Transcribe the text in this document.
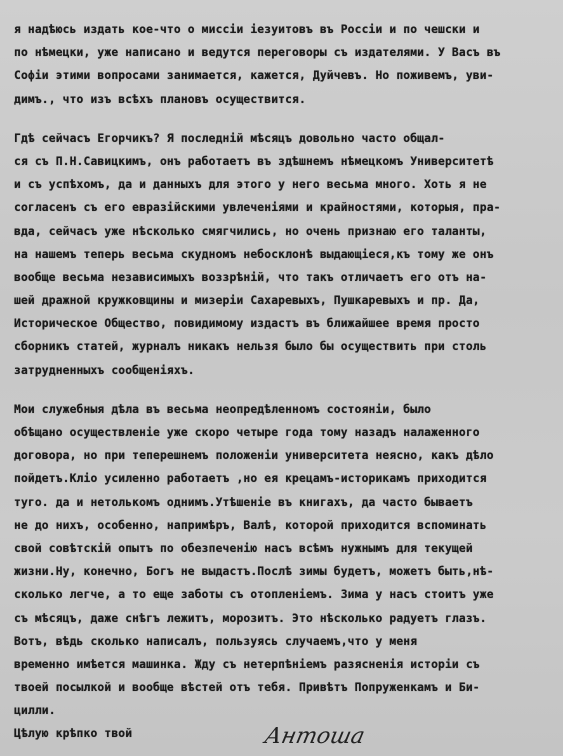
я надѣюсь издать кое-что о миссiи iезуитовъ въ Россiи и по чешски и
по нѣмецки, уже написано и ведутся переговоры съ издателями. У Васъ въ
Софiи этими вопросами занимается, кажется, Дуйчевъ. Но поживемъ, уви-
димъ., что изъ всѣхъ плановъ осуществится.
Гдѣ сейчасъ Егорчикъ? Я последнiй мѣсяцъ довольно часто общал-
ся съ П.Н.Савицкимъ, онъ работаетъ въ здѣшнемъ нѣмецкомъ Университетѣ
и съ успѣхомъ, да и данныхъ для этого у него весьма много. Хоть я не
согласенъ съ его евразiйскими увлеченiями и крайностями, которыя, пра-
вда, сейчасъ уже нѣсколько смягчились, но очень признаю его таланты,
на нашемъ теперь весьма скудномъ небосклонѣ выдающiеся,къ тому же онъ
вообще весьма независимыхъ воззрѣнiй, что такъ отличаетъ его отъ на-
шей дражной кружковщины и мизерiи Сахаревыхъ, Пушкаревыхъ и пр. Да,
Историческое Общество, повидимому издастъ въ ближайшее время просто
сборникъ статей, журналъ никакъ нельзя было бы осуществить при столь
затрудненныхъ сообщенiяхъ.
Мои служебныя дѣла въ весьма неопредѣленномъ состоянiи, было
обѣщано осуществленiе уже скоро четыре года тому назадъ налаженного
договора, но при теперешнемъ положенiи университета неясно, какъ дѣло
пойдетъ.Клiо усиленно работаетъ ,но ея крецамъ-историкамъ приходится
туго. да и нетолькомъ однимъ.Утѣшенiе въ книгахъ, да часто бываетъ
не до нихъ, особенно, напримѣръ, Валѣ, которой приходится вспоминать
свой совѣтскiй опытъ по обезпеченiю насъ всѣмъ нужнымъ для текущей
жизни.Ну, конечно, Богъ не выдастъ.Послѣ зимы будетъ, можетъ быть,нѣ-
сколько легче, а то еще заботы съ отопленiемъ. Зима у насъ стоитъ уже
съ мѣсяцъ, даже снѣгъ лежитъ, морозитъ. Это нѣсколько радуетъ глазъ.
Вотъ, вѣдь сколько написалъ, пользуясь случаемъ,что у меня
временно имѣется машинка. Жду съ нетерпѣнiемъ разясненiя исторiи съ
твоей посылкой и вообще вѣстей отъ тебя. Привѣтъ Попруженкамъ и Би-
цилли.
Цѣлую крѣпко твой	Антоша
